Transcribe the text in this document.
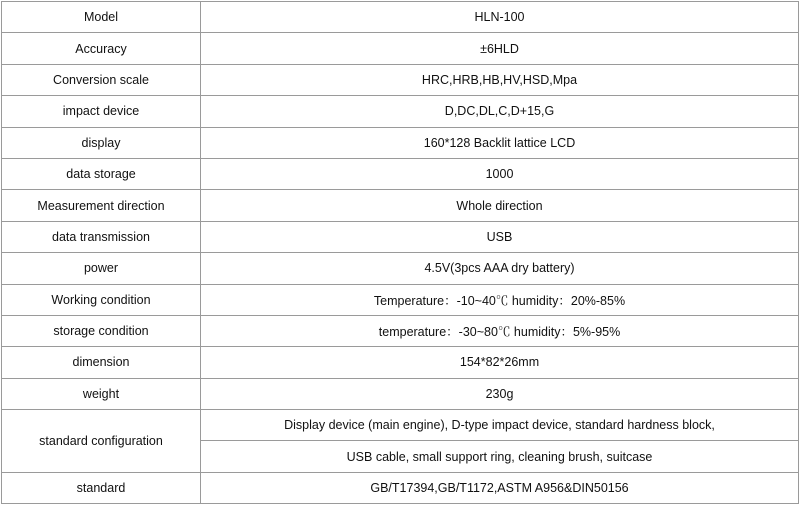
Model	HLN-100
Accuracy	±6HLD
Conversion scale	HRC,HRB,HB,HV,HSD,Mpa
impact device	D,DC,DL,C,D+15,G
display	160*128 Backlit lattice LCD
data storage	1000
Measurement direction	Whole direction
data transmission	USB
power	4.5V(3pcs AAA dry battery)
Working condition	Temperature：-10~40℃ humidity：20%-85%
storage condition	temperature：-30~80℃ humidity：5%-95%
dimension	154*82*26mm
weight	230g
standard configuration	Display device (main engine), D-type impact device, standard hardness block,
	USB cable, small support ring, cleaning brush, suitcase
standard	GB/T17394,GB/T1172,ASTM A956&DIN50156
